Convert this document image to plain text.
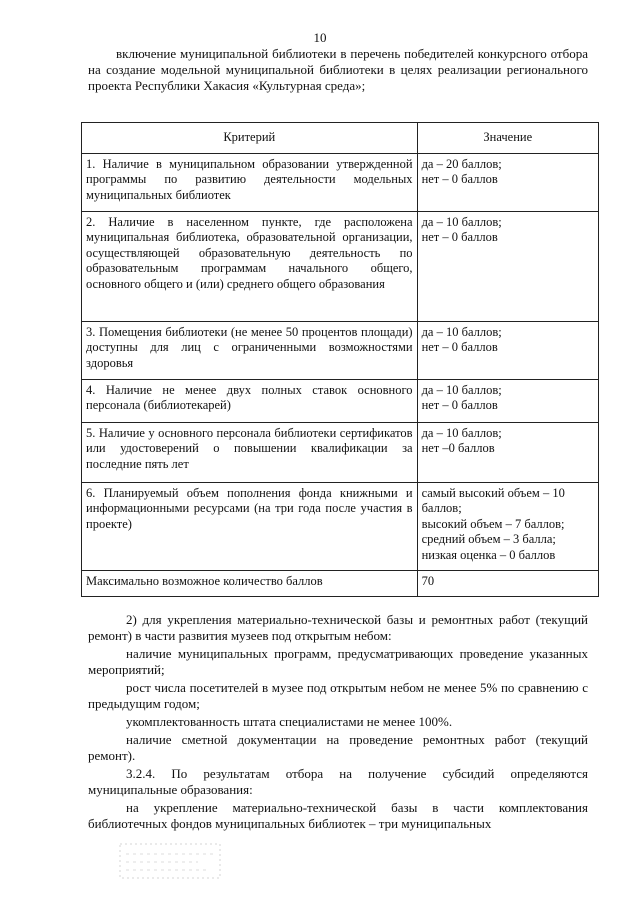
10
включение муниципальной библиотеки в перечень победителей конкурсного отбора на создание модельной муниципальной библиотеки в целях реализации регионального проекта Республики Хакасия «Культурная среда»;
Критерий	Значение
1. Наличие в муниципальном образовании утвержденной программы по развитию деятельности модельных муниципальных библиотек	да – 20 баллов;
нет – 0 баллов

2. Наличие в населенном пункте, где расположена муниципальная библиотека, образовательной организации, осуществляющей образовательную деятельность по образовательным программам начального общего, основного общего и (или) среднего общего образования	да – 10 баллов;
нет – 0 баллов

3. Помещения библиотеки (не менее 50 процентов площади) доступны для лиц с ограниченными возможностями здоровья	да – 10 баллов;
нет – 0 баллов

4. Наличие не менее двух полных ставок основного персонала (библиотекарей)	да – 10 баллов;
нет – 0 баллов

5. Наличие у основного персонала библиотеки сертификатов или удостоверений о повышении квалификации за последние пять лет	да – 10 баллов;
нет –0 баллов

6. Планируемый объем пополнения фонда книжными и информационными ресурсами (на три года после участия в проекте)	самый высокий объем – 10 баллов;
высокий объем – 7 баллов;
средний объем – 3 балла;
низкая оценка – 0 баллов

Максимально возможное количество баллов	70

2) для укрепления материально-технической базы и ремонтных работ (текущий ремонт) в части развития музеев под открытым небом:

наличие муниципальных программ, предусматривающих проведение указанных мероприятий;

рост числа посетителей в музее под открытым небом не менее 5% по сравнению с предыдущим годом;

укомплектованность штата специалистами не менее 100%.

наличие сметной документации на проведение ремонтных работ (текущий ремонт).

3.2.4. По результатам отбора на получение субсидий определяются муниципальные образования:

на укрепление материально-технической базы в части комплектования библиотечных фондов муниципальных библиотек – три муниципальных
